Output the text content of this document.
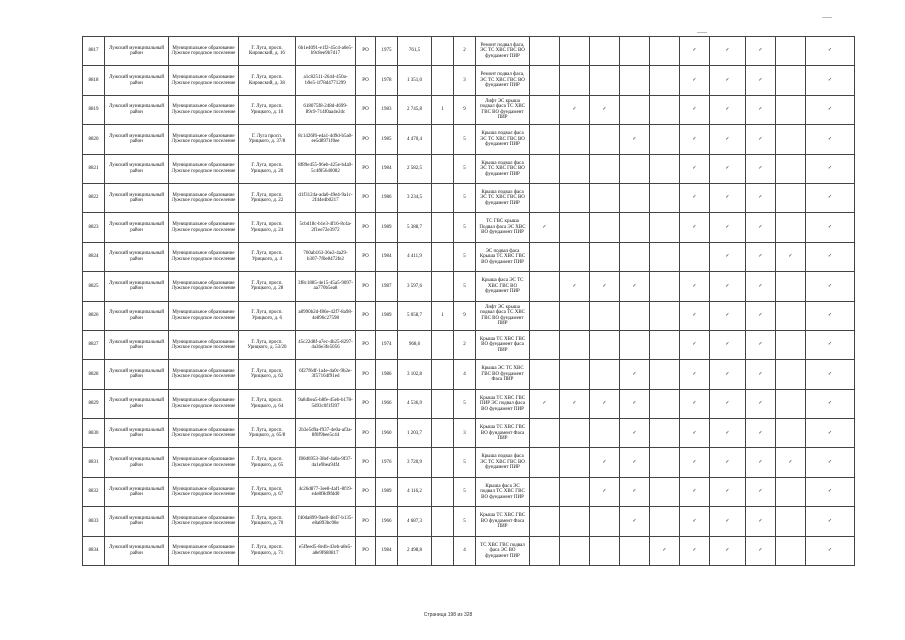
8817	Лужский муниципальный район	Муниципальное образование Лужское городское поселение	Г. Луга, просп. Кировский, д. 16	6b1e4091-e1f2-45c4-a0e5-b9c8ee9b7d17	РО	1975	761,5		2	Ремонт подвал фаса, ЭС ТС ХВС ГВС ВО фундамент ПИР						✓	✓	✓		✓
8818	Лужский муниципальный район	Муниципальное образование Лужское городское поселение	Г. Луга, просп. Кировский, д. 38	a1c82511-2644-450a-b9e5-1f78d4771299	РО	1978	1 351,0		3	Ремонт подвал фаса, ЭС ТС ХВС ГВС ВО фундамент ПИР						✓	✓	✓		✓
8819	Лужский муниципальный район	Муниципальное образование Лужское городское поселение	Г. Луга, просп. Урицкого, д. 10	618075f8-248d-4699-89c9-714f0aa4e2dc	РО	1983	2 745,8	1	9	Лифт ЭС крыша подвал фаса ТС ХВС ГВС ВО фундамент ПИР		✓	✓			✓	✓	✓		✓
8820	Лужский муниципальный район	Муниципальное образование Лужское городское поселение	Г. Луга просп. Урицкого, д. 37/8	8c1426f6-e4a1-4d9d-b5a0-ee5d8971f0ee	РО	1985	4 470,4		5	Крыша подвал фаса ЭС ТС ХВС ГВС ВО фундамент ПИР				✓		✓	✓	✓		✓
8821	Лужский муниципальный район	Муниципальное образование Лужское городское поселение	Г. Луга, просп. Урицкого, д. 20	8f89e455-96eb-425e-b4a9-5c4f85640082	РО	1984	2 582,5		5	Крыша подвал фаса ЭС ТС ХВС ГВС ВО фундамент ПИР						✓	✓	✓		✓
8822	Лужский муниципальный район	Муниципальное образование Лужское городское поселение	Г. Луга, просп. Урицкого, д. 22	d1f3124a-ada0-49e4-9a1c-2f44e4b0217	РО	1986	3 234,5		5	Крыша подвал фаса ЭС ТС ХВС ГВС ВО фундамент ПИР						✓	✓	✓		✓
8823	Лужский муниципальный район	Муниципальное образование Лужское городское поселение	Г. Луга, просп. Урицкого, д. 24	5cbd18c-b1e3-4f16-8c4a-2f1ee72e3972	РО	1989	5 388,7		5	ТС ГВС крыша Подвал фаса ЭС ХВС ВО фундамент ПИР	✓					✓	✓	✓		✓
8824	Лужский муниципальный район	Муниципальное образование Лужское городское поселение	Г. Луга, просп. Урицкого, д. 4	760ab163-36e2-4a29-b307-7f0e8472fe2	РО	1984	4 411,9		5	ЭС подвал фаса Крыша ТС ХВС ГВС ВО фундамент ПИР							✓	✓	✓	✓
8825	Лужский муниципальный район	Муниципальное образование Лужское городское поселение	Г. Луга, просп. Урицкого, д. 28	3f8c1885-4e15-45a5-9097-aa770b5ea8	РО	1987	3 597,6		5	Крыша фаса ЭС ТС ХВС ГВС ВО фундамент ПИР		✓	✓	✓		✓	✓	✓		✓
8826	Лужский муниципальный район	Муниципальное образование Лужское городское поселение	Г. Луга, просп. Урицкого, д. 6	a8990b2d-f86e-42f7-8a98-4e896c27598	РО	1989	5 058,7	1	9	Лифт ЭС крыша подвал фаса ТС ХВС ГВС ВО фундамент ПИР						✓	✓	✓		✓
8827	Лужский муниципальный район	Муниципальное образование Лужское городское поселение	Г. Луга, просп. Урицкого, д. 53/20	45c22d8f-a7ec-4b25-8297-4a36e3fe5056	РО	1974	968,6		2	Крыша ТС ХВС ГВС ВО фундамент фаса ПИР						✓	✓	✓		✓
8828	Лужский муниципальный район	Муниципальное образование Лужское городское поселение	Г. Луга, просп. Урицкого, д. 62	6f27f6df-1a4e-4a0c-9b2e-3f57164f91ed	РО	1986	3 102,8		4	Крыша ЭС ТС ХВС ГВС ВО фундамент Фаса ПИР				✓		✓	✓	✓		✓
8829	Лужский муниципальный район	Муниципальное образование Лужское городское поселение	Г. Луга, просп. Урицкого, д. 64	9a84bea5-b8fe-45eb-b178-5d93c0f1f397	РО	1966	4 536,9		5	Крыша ТС ХВС ГВС ПИР ЭС подвал фаса ВО фундамент ПИР	✓	✓	✓	✓		✓	✓	✓		✓
8830	Лужский муниципальный район	Муниципальное образование Лужское городское поселение	Г. Луга, просп. Урицкого, д. 65/8	2b3e5d9a-f937-4e0a-af3a-8f0f9bee5c44	РО	1960	1 203,7		3	Крыша ТС ХВС ГВС ВО фундамент Фаса ПИР				✓		✓	✓	✓		✓
8831	Лужский муниципальный район	Муниципальное образование Лужское городское поселение	Г. Луга, просп. Урицкого, д. 65	f80d6953-38ef-4a0a-9f37-4a1e9bea94f4	РО	1976	3 720,9		5	Крыша подвал фаса ЭС ТС ХВС ГВС ВО фундамент ПИР			✓	✓		✓	✓	✓	✓	✓
8832	Лужский муниципальный район	Муниципальное образование Лужское городское поселение	Г. Луга, просп. Урицкого, д. 67	4c26d877-3ee8-4af1-8f19-e4e8f8d9fdd0	РО	1989	4 116,2		5	Крыша фаса ЭС подвал ТС ХВС ГВС ВО фундамент ПИР			✓	✓		✓	✓	✓		✓
8833	Лужский муниципальный район	Муниципальное образование Лужское городское поселение	Г. Луга, просп. Урицкого, д. 70	f40da899-9ae8-4847-b135-e8a893bc08e	РО	1966	4 687,3		5	Крыша ТС ХВС ГВС ВО фундамент Фаса ПИР				✓		✓	✓	✓		✓
8834	Лужский муниципальный район	Муниципальное образование Лужское городское поселение	Г. Луга, просп. Урицкого, д. 71	e5ffeed5-8e4b-43eb-a8e5-a8e9f680817	РО	1984	2 498,8		4	ТС ХВС ГВС подвал фаса ЭС ВО фундамент ПИР					✓	✓	✓	✓		✓
Страница 198 из 328
